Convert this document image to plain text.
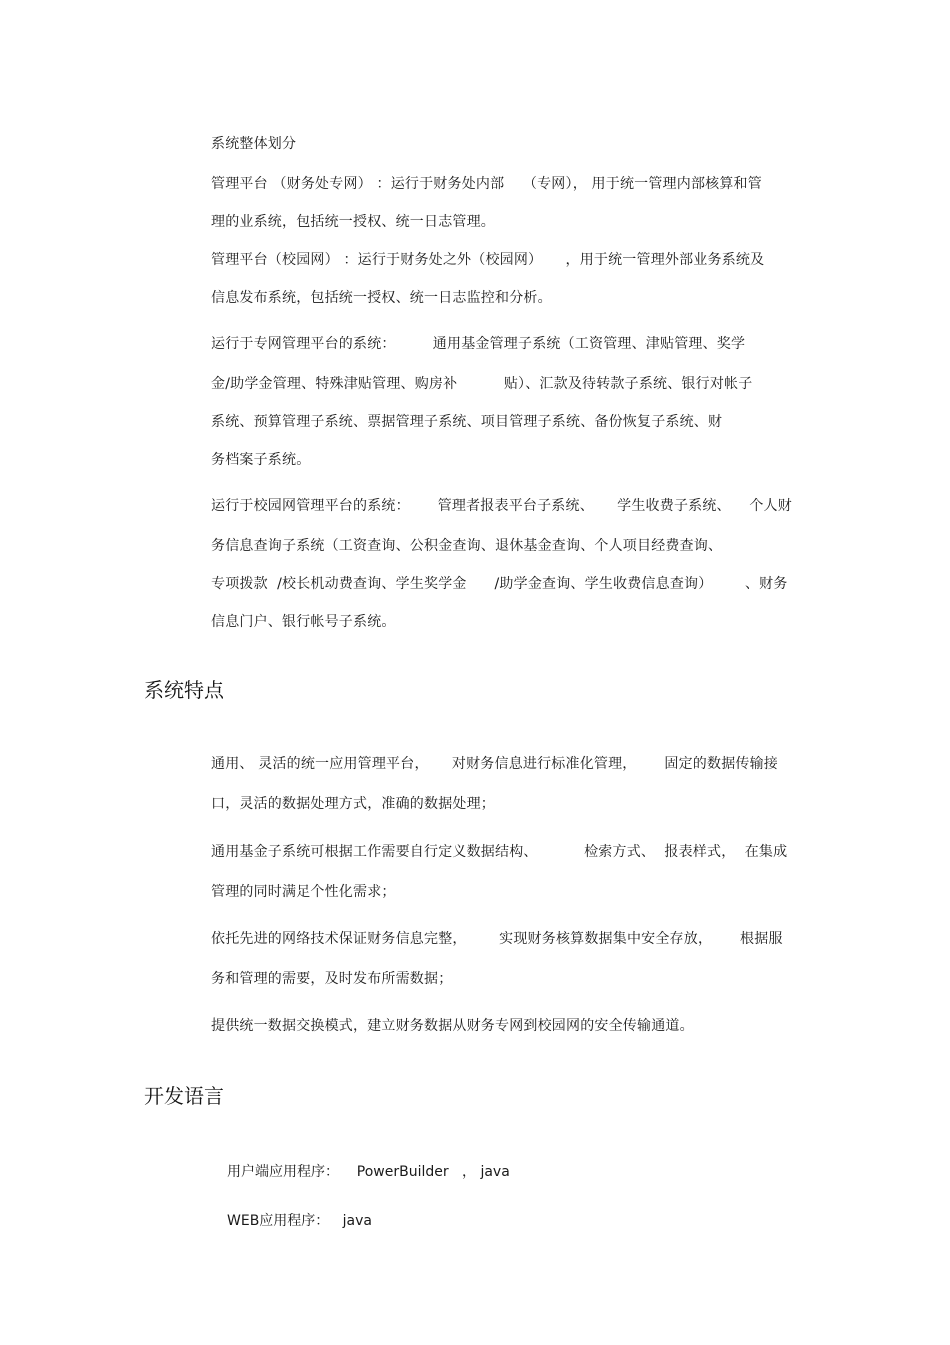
系统整体划分
管理平台 （财务处专网） ：运行于财务处内部    （专网）， 用于统一管理内部核算和管
理的业系统，包括统一授权、统一日志管理。
管理平台（校园网） ：运行于财务处之外（校园网）     ，用于统一管理外部业务系统及
信息发布系统，包括统一授权、统一日志监控和分析。
运行于专网管理平台的系统：        通用基金管理子系统（工资管理、津贴管理、奖学
金/助学金管理、特殊津贴管理、购房补          贴）、汇款及待转款子系统、银行对帐子
系统、预算管理子系统、票据管理子系统、项目管理子系统、备份恢复子系统、财
务档案子系统。
运行于校园网管理平台的系统：      管理者报表平台子系统、     学生收费子系统、    个人财
务信息查询子系统（工资查询、公积金查询、退休基金查询、个人项目经费查询、
专项拨款  /校长机动费查询、学生奖学金      /助学金查询、学生收费信息查询）       、财务
信息门户、银行帐号子系统。
系统特点
通用、 灵活的统一应用管理平台，     对财务信息进行标准化管理，      固定的数据传输接
口，灵活的数据处理方式，准确的数据处理；
通用基金子系统可根据工作需要自行定义数据结构、          检索方式、  报表样式，  在集成
管理的同时满足个性化需求；
依托先进的网络技术保证财务信息完整，       实现财务核算数据集中安全存放，      根据服
务和管理的需要，及时发布所需数据；
提供统一数据交换模式，建立财务数据从财务专网到校园网的安全传输通道。
开发语言
用户端应用程序：    PowerBuilder   ， java
WEB应用程序：   java
